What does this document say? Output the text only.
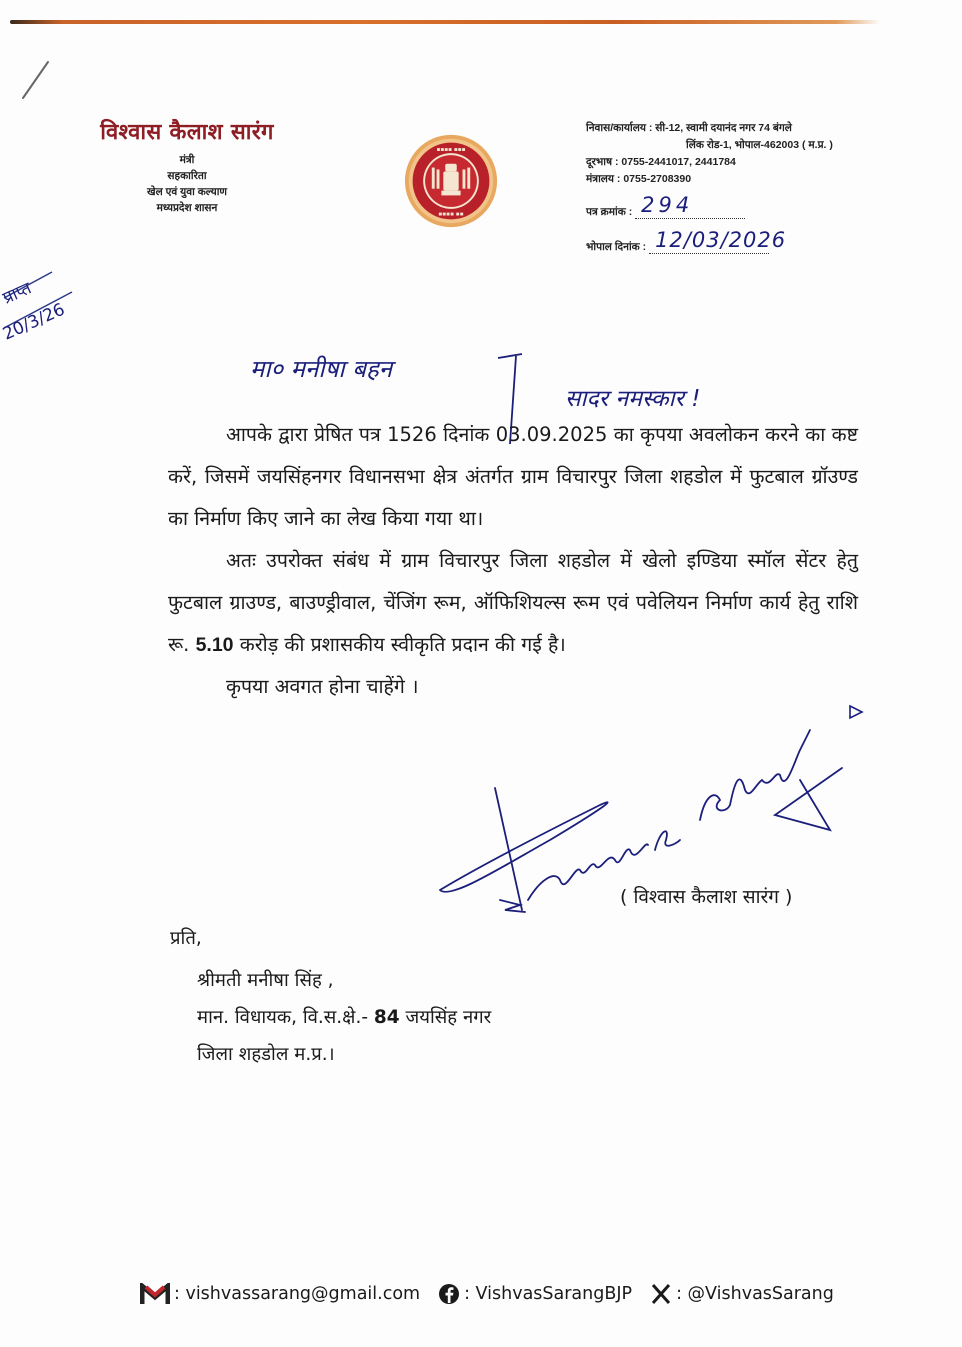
विश्वास कैलाश सारंग
मंत्री
सहकारिता
खेल एवं युवा कल्याण
मध्यप्रदेश शासन
▪▪▪▪ ▪▪▪
▪▪▪▪ ▪▪
निवास/कार्यालय : सी-12, स्वामी दयानंद नगर 74 बंगले
लिंक रोड-1, भोपाल-462003 ( म.प्र. )
दूरभाष : 0755-2441017, 2441784
मंत्रालय : 0755-2708390
पत्र क्रमांक : 294
भोपाल दिनांक : 12/03/2026
प्राप्त
20/3/26
मा० मनीषा बहन
सादर नमस्कार !

आपके द्वारा प्रेषित पत्र 1526 दिनांक 03.09.2025 का कृपया अवलोकन करने का कष्ट करें, जिसमें जयसिंहनगर विधानसभा क्षेत्र अंतर्गत ग्राम विचारपुर जिला शहडोल में फुटबाल ग्रॉउण्ड का निर्माण किए जाने का लेख किया गया था।

अतः उपरोक्त संबंध में ग्राम विचारपुर जिला शहडोल में खेलो इण्डिया स्मॉल सेंटर हेतु फुटबाल ग्राउण्ड, बाउण्ड्रीवाल, चेंजिंग रूम, ऑफिशियल्स रूम एवं पवेलियन निर्माण कार्य हेतु राशि रू. 5.10 करोड़ की प्रशासकीय स्वीकृति प्रदान की गई है।

कृपया अवगत होना चाहेंगे ।

( विश्वास कैलाश सारंग )
प्रति,
श्रीमती मनीषा सिंह ,
मान. विधायक, वि.स.क्षे.- 84 जयसिंह नगर
जिला शहडोल म.प्र.।
: vishvassarang@gmail.com	: VishvasSarangBJP	: @VishvasSarang
